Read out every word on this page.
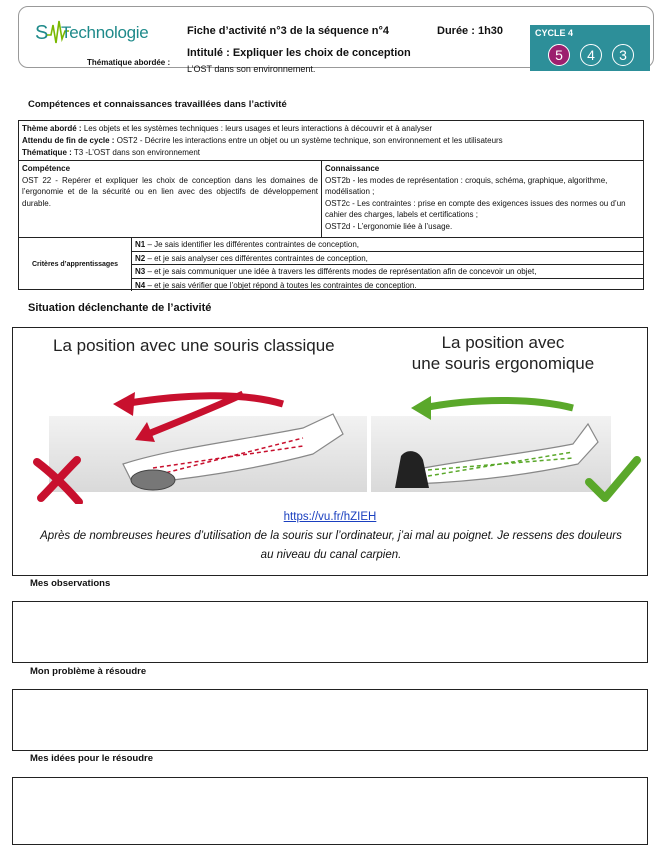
S Technologie
Thématique abordée :
Fiche d’activité n°3 de la séquence n°4	Durée : 1h30
Intitulé : Expliquer les choix de conception
L’OST dans son environnement.
CYCLE 4
5	4	3
Compétences et connaissances travaillées dans l’activité
Thème abordé : Les objets et les systèmes techniques : leurs usages et leurs interactions à découvrir et à analyser
Attendu de fin de cycle : OST2 - Décrire les interactions entre un objet ou un système technique, son environnement et les utilisateurs
Thématique : T3 -L’OST dans son environnement
Compétence
OST 22 - Repérer et expliquer les choix de conception dans les domaines de l’ergonomie et de la sécurité ou en lien avec des objectifs de développement durable.
Connaissance
OST2b - les modes de représentation : croquis, schéma, graphique, algorithme, modélisation ;
OST2c - Les contraintes : prise en compte des exigences issues des normes ou d’un cahier des charges, labels et certifications ;
OST2d - L’ergonomie liée à l’usage.
Critères d’apprentissages
N1 – Je sais identifier les différentes contraintes de conception,
N2 – et je sais analyser ces différentes contraintes de conception,
N3 – et je sais communiquer une idée à travers les différents modes de représentation afin de concevoir un objet,
N4 – et je sais vérifier que l’objet répond à toutes les contraintes de conception.
Situation déclenchante de l’activité
La position avec une souris classique	La position avec
une souris ergonomique
https://vu.fr/hZIEH
Après de nombreuses heures d’utilisation de la souris sur l’ordinateur, j’ai mal au poignet. Je ressens des douleurs au niveau du canal carpien.
Mes observations
Mon problème à résoudre
Mes idées pour le résoudre
